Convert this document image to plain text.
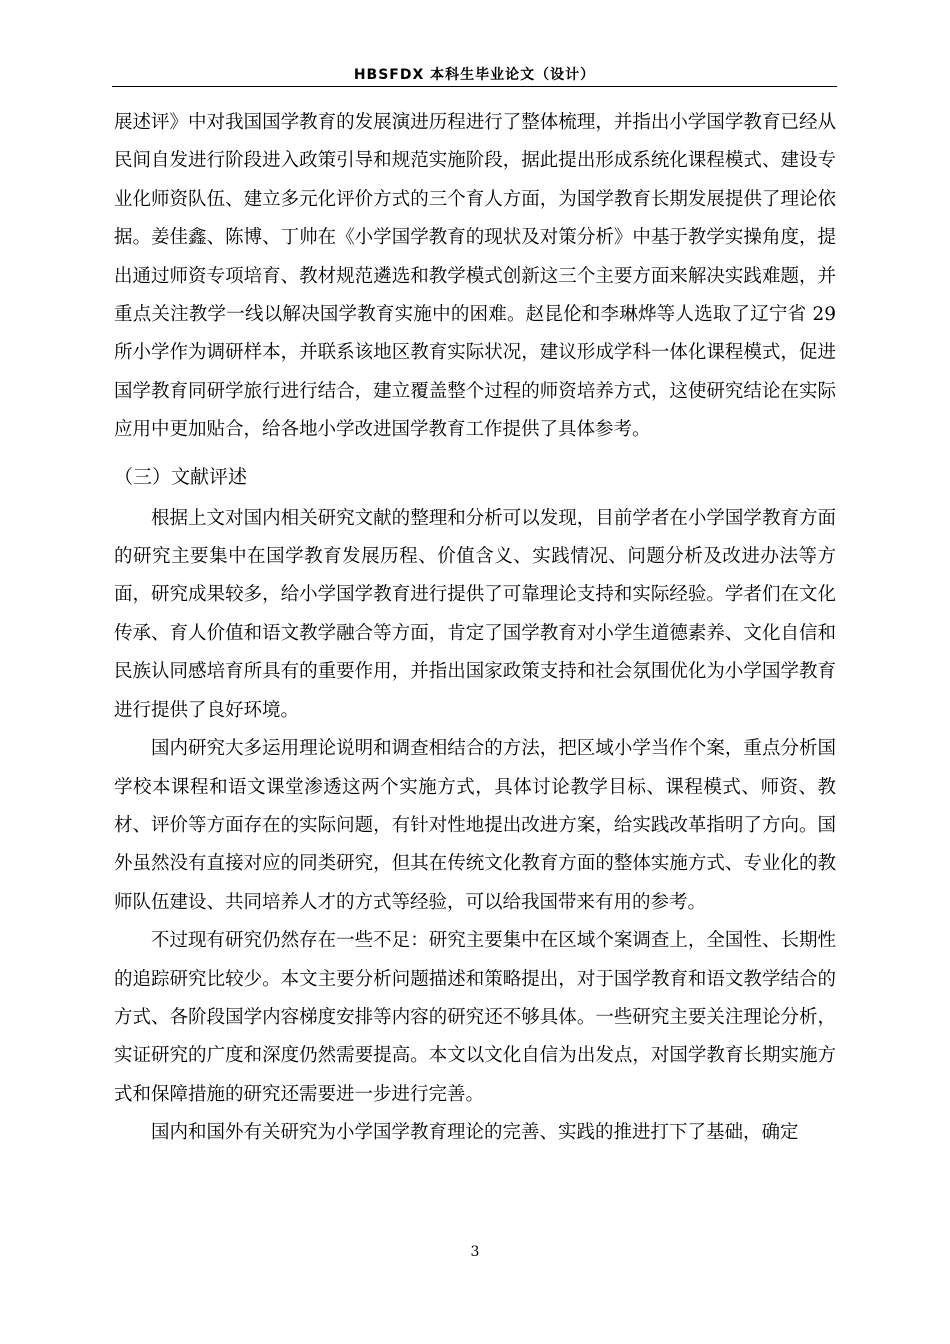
HBSFDX 本科生毕业论文（设计）

展述评》中对我国国学教育的发展演进历程进行了整体梳理，并指出小学国学教育已经从民间自发进行阶段进入政策引导和规范实施阶段，据此提出形成系统化课程模式、建设专业化师资队伍、建立多元化评价方式的三个育人方面，为国学教育长期发展提供了理论依据。姜佳鑫、陈博、丁帅在《小学国学教育的现状及对策分析》中基于教学实操角度，提出通过师资专项培育、教材规范遴选和教学模式创新这三个主要方面来解决实践难题，并重点关注教学一线以解决国学教育实施中的困难。赵昆伦和李琳烨等人选取了辽宁省 29 所小学作为调研样本，并联系该地区教育实际状况，建议形成学科一体化课程模式，促进国学教育同研学旅行进行结合，建立覆盖整个过程的师资培养方式，这使研究结论在实际应用中更加贴合，给各地小学改进国学教育工作提供了具体参考。

（三）文献评述

根据上文对国内相关研究文献的整理和分析可以发现，目前学者在小学国学教育方面的研究主要集中在国学教育发展历程、价值含义、实践情况、问题分析及改进办法等方面，研究成果较多，给小学国学教育进行提供了可靠理论支持和实际经验。学者们在文化传承、育人价值和语文教学融合等方面，肯定了国学教育对小学生道德素养、文化自信和民族认同感培育所具有的重要作用，并指出国家政策支持和社会氛围优化为小学国学教育进行提供了良好环境。

国内研究大多运用理论说明和调查相结合的方法，把区域小学当作个案，重点分析国学校本课程和语文课堂渗透这两个实施方式，具体讨论教学目标、课程模式、师资、教材、评价等方面存在的实际问题，有针对性地提出改进方案，给实践改革指明了方向。国外虽然没有直接对应的同类研究，但其在传统文化教育方面的整体实施方式、专业化的教师队伍建设、共同培养人才的方式等经验，可以给我国带来有用的参考。

不过现有研究仍然存在一些不足：研究主要集中在区域个案调查上，全国性、长期性的追踪研究比较少。本文主要分析问题描述和策略提出，对于国学教育和语文教学结合的方式、各阶段国学内容梯度安排等内容的研究还不够具体。一些研究主要关注理论分析，实证研究的广度和深度仍然需要提高。本文以文化自信为出发点，对国学教育长期实施方式和保障措施的研究还需要进一步进行完善。

国内和国外有关研究为小学国学教育理论的完善、实践的推进打下了基础，确定

3
